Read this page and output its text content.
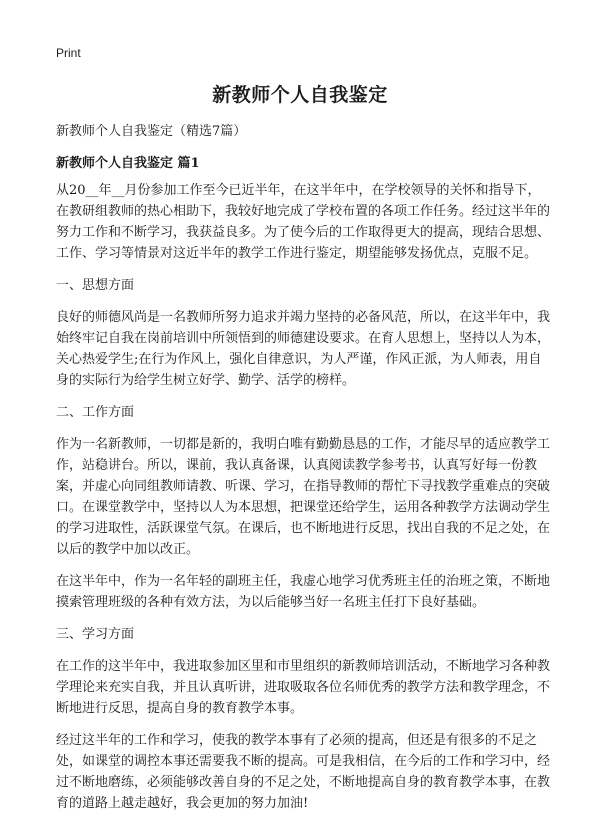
Print
新教师个人自我鉴定
新教师个人自我鉴定（精选7篇）
新教师个人自我鉴定 篇1

从20__年__月份参加工作至今已近半年，在这半年中，在学校领导的关怀和指导下，在教研组教师的热心相助下，我较好地完成了学校布置的各项工作任务。经过这半年的努力工作和不断学习，我获益良多。为了使今后的工作取得更大的提高，现结合思想、工作、学习等情景对这近半年的教学工作进行鉴定，期望能够发扬优点，克服不足。

一、思想方面

良好的师德风尚是一名教师所努力追求并竭力坚持的必备风范，所以，在这半年中，我始终牢记自我在岗前培训中所领悟到的师德建设要求。在育人思想上，坚持以人为本，关心热爱学生;在行为作风上，强化自律意识，为人严谨，作风正派，为人师表，用自身的实际行为给学生树立好学、勤学、活学的榜样。

二、工作方面

作为一名新教师，一切都是新的，我明白唯有勤勤恳恳的工作，才能尽早的适应教学工作，站稳讲台。所以，课前，我认真备课，认真阅读教学参考书，认真写好每一份教案，并虚心向同组教师请教、听课、学习，在指导教师的帮忙下寻找教学重难点的突破口。在课堂教学中，坚持以人为本思想，把课堂还给学生，运用各种教学方法调动学生的学习进取性，活跃课堂气氛。在课后，也不断地进行反思，找出自我的不足之处，在以后的教学中加以改正。

在这半年中，作为一名年轻的副班主任，我虚心地学习优秀班主任的治班之策，不断地摸索管理班级的各种有效方法，为以后能够当好一名班主任打下良好基础。

三、学习方面

在工作的这半年中，我进取参加区里和市里组织的新教师培训活动，不断地学习各种教学理论来充实自我，并且认真听讲，进取吸取各位名师优秀的教学方法和教学理念，不断地进行反思，提高自身的教育教学本事。

经过这半年的工作和学习，使我的教学本事有了必须的提高，但还是有很多的不足之处，如课堂的调控本事还需要我不断的提高。可是我相信，在今后的工作和学习中，经过不断地磨练，必须能够改善自身的不足之处，不断地提高自身的教育教学本事，在教育的道路上越走越好，我会更加的努力加油!
